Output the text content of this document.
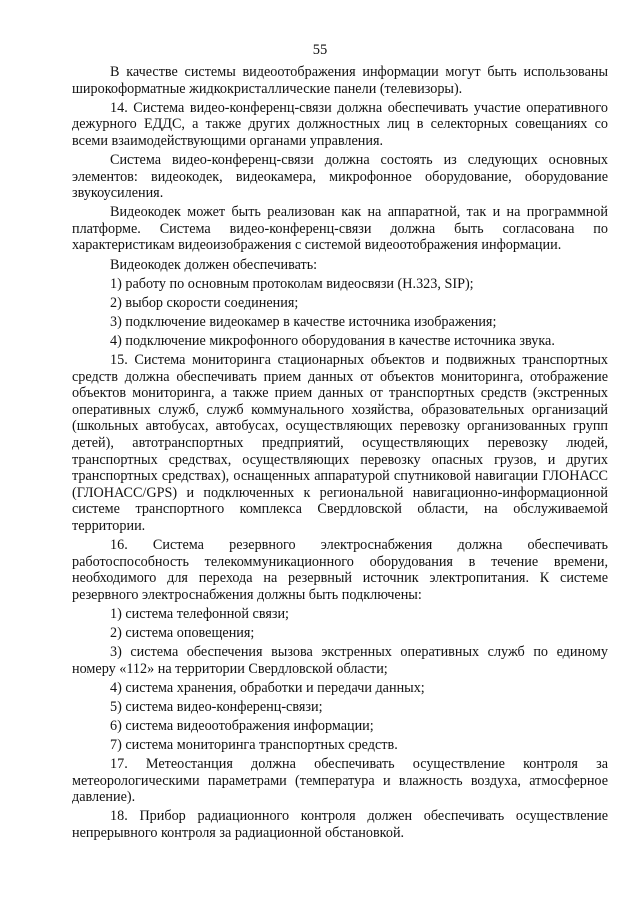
55

В качестве системы видеоотображения информации могут быть использованы широкоформатные жидкокристаллические панели (телевизоры).

14. Система видео-конференц-связи должна обеспечивать участие оперативного дежурного ЕДДС, а также других должностных лиц в селекторных совещаниях со всеми взаимодействующими органами управления.

Система видео-конференц-связи должна состоять из следующих основных элементов: видеокодек, видеокамера, микрофонное оборудование, оборудование звукоусиления.

Видеокодек может быть реализован как на аппаратной, так и на программной платформе. Система видео-конференц-связи должна быть согласована по характеристикам видеоизображения с системой видеоотображения информации.

Видеокодек должен обеспечивать:

1) работу по основным протоколам видеосвязи (H.323, SIP);

2) выбор скорости соединения;

3) подключение видеокамер в качестве источника изображения;

4) подключение микрофонного оборудования в качестве источника звука.

15. Система мониторинга стационарных объектов и подвижных транспортных средств должна обеспечивать прием данных от объектов мониторинга, отображение объектов мониторинга, а также прием данных от транспортных средств (экстренных оперативных служб, служб коммунального хозяйства, образовательных организаций (школьных автобусах, автобусах, осуществляющих перевозку организованных групп детей), автотранспортных предприятий, осуществляющих перевозку людей, транспортных средствах, осуществляющих перевозку опасных грузов, и других транспортных средствах), оснащенных аппаратурой спутниковой навигации ГЛОНАСС (ГЛОНАСС/GPS) и подключенных к региональной навигационно-информационной системе транспортного комплекса Свердловской области, на обслуживаемой территории.

16. Система резервного электроснабжения должна обеспечивать работоспособность телекоммуникационного оборудования в течение времени, необходимого для перехода на резервный источник электропитания. К системе резервного электроснабжения должны быть подключены:

1) система телефонной связи;

2) система оповещения;

3) система обеспечения вызова экстренных оперативных служб по единому номеру «112» на территории Свердловской области;

4) система хранения, обработки и передачи данных;

5) система видео-конференц-связи;

6) система видеоотображения информации;

7) система мониторинга транспортных средств.

17. Метеостанция должна обеспечивать осуществление контроля за метеорологическими параметрами (температура и влажность воздуха, атмосферное давление).

18. Прибор радиационного контроля должен обеспечивать осуществление непрерывного контроля за радиационной обстановкой.
